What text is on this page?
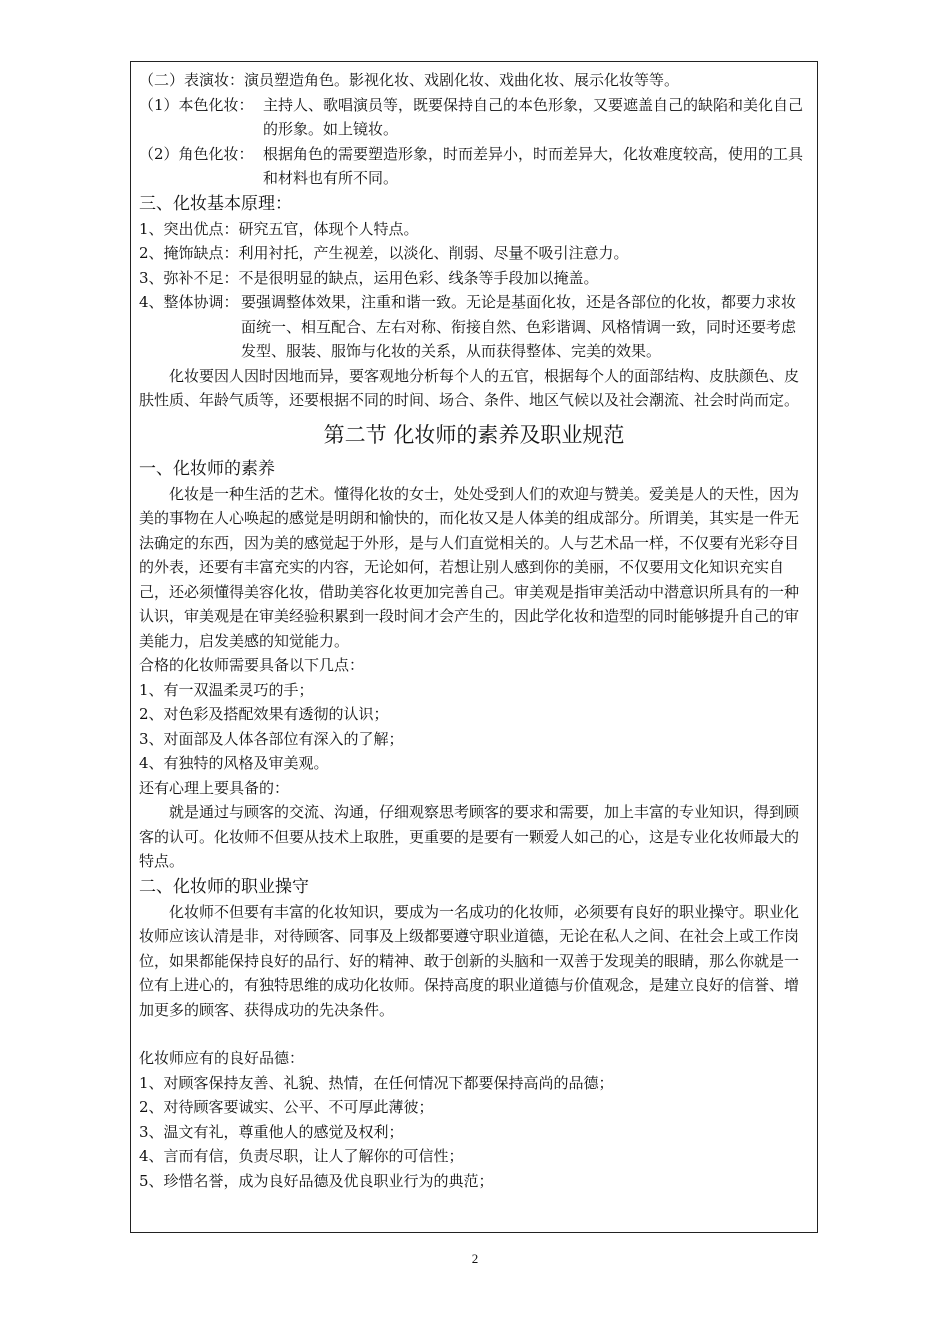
（二）表演妆：演员塑造角色。影视化妆、戏剧化妆、戏曲化妆、展示化妆等等。
（1）本色化妆： 主持人、歌唱演员等，既要保持自己的本色形象，又要遮盖自己的缺陷和美化自己的形象。如上镜妆。
（2）角色化妆： 根据角色的需要塑造形象，时而差异小，时而差异大，化妆难度较高，使用的工具和材料也有所不同。
三、化妆基本原理：
1、突出优点：研究五官，体现个人特点。
2、掩饰缺点：利用衬托，产生视差，以淡化、削弱、尽量不吸引注意力。
3、弥补不足：不是很明显的缺点，运用色彩、线条等手段加以掩盖。
4、整体协调： 要强调整体效果，注重和谐一致。无论是基面化妆，还是各部位的化妆，都要力求妆面统一、相互配合、左右对称、衔接自然、色彩谐调、风格情调一致，同时还要考虑发型、服装、服饰与化妆的关系，从而获得整体、完美的效果。
化妆要因人因时因地而异，要客观地分析每个人的五官，根据每个人的面部结构、皮肤颜色、皮肤性质、年龄气质等，还要根据不同的时间、场合、条件、地区气候以及社会潮流、社会时尚而定。
第二节 化妆师的素养及职业规范
一、化妆师的素养
化妆是一种生活的艺术。懂得化妆的女士，处处受到人们的欢迎与赞美。爱美是人的天性，因为美的事物在人心唤起的感觉是明朗和愉快的，而化妆又是人体美的组成部分。所谓美，其实是一件无法确定的东西，因为美的感觉起于外形，是与人们直觉相关的。人与艺术品一样，不仅要有光彩夺目的外表，还要有丰富充实的内容，无论如何，若想让别人感到你的美丽，不仅要用文化知识充实自己，还必须懂得美容化妆，借助美容化妆更加完善自己。审美观是指审美活动中潜意识所具有的一种认识，审美观是在审美经验积累到一段时间才会产生的，因此学化妆和造型的同时能够提升自己的审美能力，启发美感的知觉能力。
合格的化妆师需要具备以下几点：
1、有一双温柔灵巧的手；
2、对色彩及搭配效果有透彻的认识；
3、对面部及人体各部位有深入的了解；
4、有独特的风格及审美观。
还有心理上要具备的：
就是通过与顾客的交流、沟通，仔细观察思考顾客的要求和需要，加上丰富的专业知识，得到顾客的认可。化妆师不但要从技术上取胜，更重要的是要有一颗爱人如己的心，这是专业化妆师最大的特点。
二、化妆师的职业操守
化妆师不但要有丰富的化妆知识，要成为一名成功的化妆师，必须要有良好的职业操守。职业化妆师应该认清是非，对待顾客、同事及上级都要遵守职业道德，无论在私人之间、在社会上或工作岗位，如果都能保持良好的品行、好的精神、敢于创新的头脑和一双善于发现美的眼睛，那么你就是一位有上进心的，有独特思维的成功化妆师。保持高度的职业道德与价值观念，是建立良好的信誉、增加更多的顾客、获得成功的先决条件。
化妆师应有的良好品德：
1、对顾客保持友善、礼貌、热情，在任何情况下都要保持高尚的品德；
2、对待顾客要诚实、公平、不可厚此薄彼；
3、温文有礼，尊重他人的感觉及权利；
4、言而有信，负责尽职，让人了解你的可信性；
5、珍惜名誉，成为良好品德及优良职业行为的典范；
2
